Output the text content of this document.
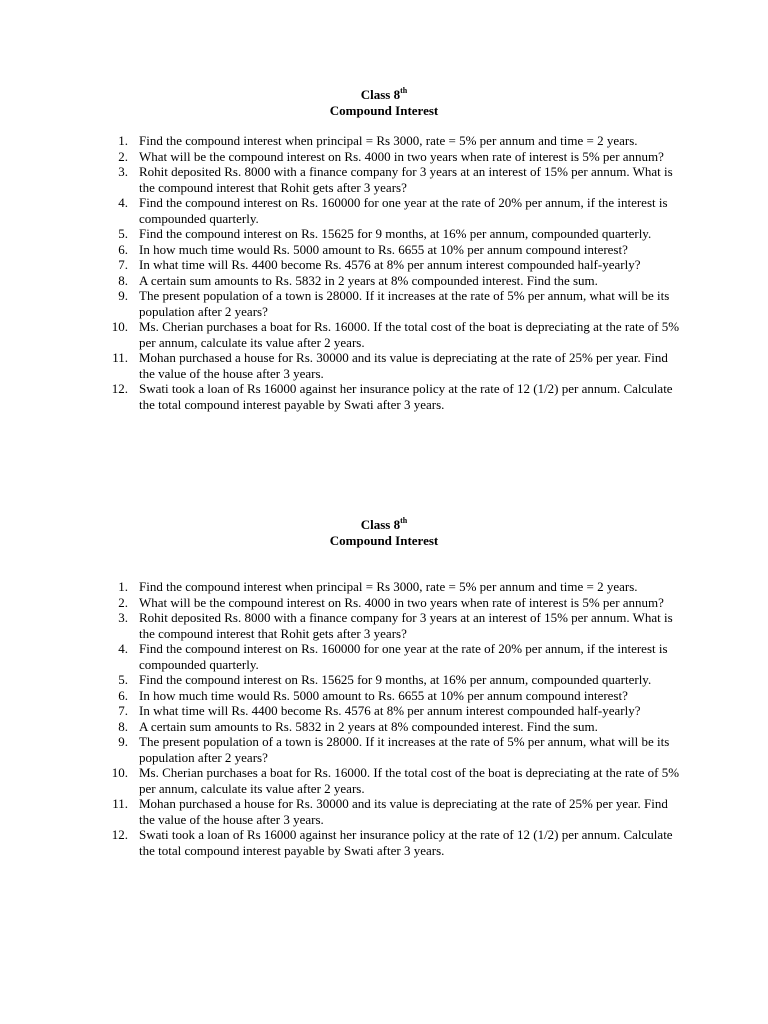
Class 8th
Compound Interest
1. Find the compound interest when principal = Rs 3000, rate = 5% per annum and time = 2 years.
2. What will be the compound interest on Rs. 4000 in two years when rate of interest is 5% per annum?
3. Rohit deposited Rs. 8000 with a finance company for 3 years at an interest of 15% per annum. What is the compound interest that Rohit gets after 3 years?
4. Find the compound interest on Rs. 160000 for one year at the rate of 20% per annum, if the interest is compounded quarterly.
5. Find the compound interest on Rs. 15625 for 9 months, at 16% per annum, compounded quarterly.
6. In how much time would Rs. 5000 amount to Rs. 6655 at 10% per annum compound interest?
7. In what time will Rs. 4400 become Rs. 4576 at 8% per annum interest compounded half-yearly?
8. A certain sum amounts to Rs. 5832 in 2 years at 8% compounded interest. Find the sum.
9. The present population of a town is 28000. If it increases at the rate of 5% per annum, what will be its population after 2 years?
10. Ms. Cherian purchases a boat for Rs. 16000. If the total cost of the boat is depreciating at the rate of 5% per annum, calculate its value after 2 years.
11. Mohan purchased a house for Rs. 30000 and its value is depreciating at the rate of 25% per year. Find the value of the house after 3 years.
12. Swati took a loan of Rs 16000 against her insurance policy at the rate of 12 (1/2) per annum. Calculate the total compound interest payable by Swati after 3 years.
Class 8th
Compound Interest
1. Find the compound interest when principal = Rs 3000, rate = 5% per annum and time = 2 years.
2. What will be the compound interest on Rs. 4000 in two years when rate of interest is 5% per annum?
3. Rohit deposited Rs. 8000 with a finance company for 3 years at an interest of 15% per annum. What is the compound interest that Rohit gets after 3 years?
4. Find the compound interest on Rs. 160000 for one year at the rate of 20% per annum, if the interest is compounded quarterly.
5. Find the compound interest on Rs. 15625 for 9 months, at 16% per annum, compounded quarterly.
6. In how much time would Rs. 5000 amount to Rs. 6655 at 10% per annum compound interest?
7. In what time will Rs. 4400 become Rs. 4576 at 8% per annum interest compounded half-yearly?
8. A certain sum amounts to Rs. 5832 in 2 years at 8% compounded interest. Find the sum.
9. The present population of a town is 28000. If it increases at the rate of 5% per annum, what will be its population after 2 years?
10. Ms. Cherian purchases a boat for Rs. 16000. If the total cost of the boat is depreciating at the rate of 5% per annum, calculate its value after 2 years.
11. Mohan purchased a house for Rs. 30000 and its value is depreciating at the rate of 25% per year. Find the value of the house after 3 years.
12. Swati took a loan of Rs 16000 against her insurance policy at the rate of 12 (1/2) per annum. Calculate the total compound interest payable by Swati after 3 years.
